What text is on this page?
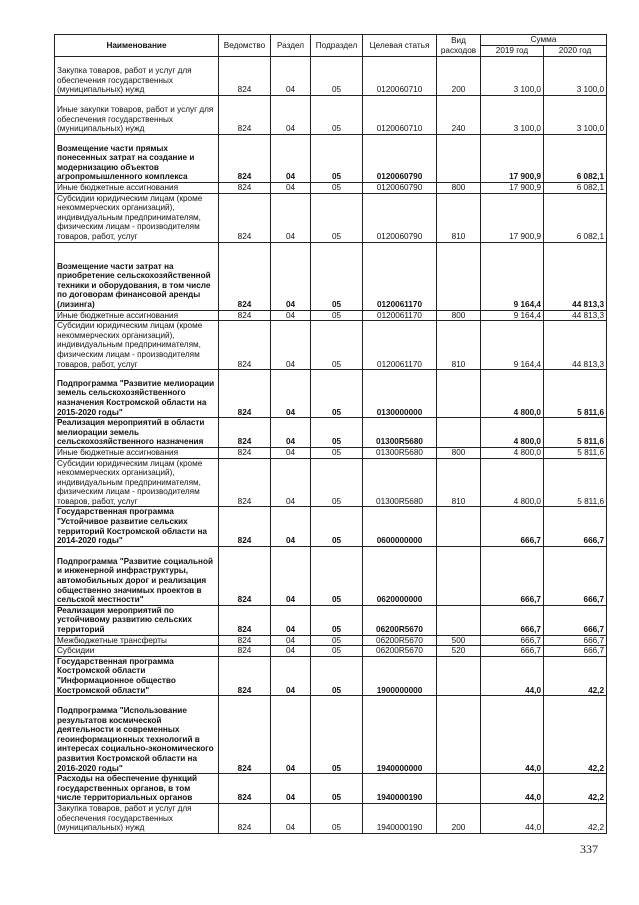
Наименование	Ведомство	Раздел	Подраздел	Целевая статья	Вид расходов	Сумма	
						2019 год	2020 год
Закупка товаров, работ и услуг для обеспечения государственных (муниципальных) нужд	824	04	05	0120060710	200	3 100,0	3 100,0
Иные закупки товаров, работ и услуг для обеспечения государственных (муниципальных) нужд	824	04	05	0120060710	240	3 100,0	3 100,0
Возмещение части прямых понесенных затрат на создание и модернизацию объектов агропромышленного комплекса	824	04	05	0120060790		17 900,9	6 082,1
Иные бюджетные ассигнования	824	04	05	0120060790	800	17 900,9	6 082,1
Субсидии юридическим лицам (кроме некоммерческих организаций), индивидуальным предпринимателям, физическим лицам - производителям товаров, работ, услуг	824	04	05	0120060790	810	17 900,9	6 082,1
Возмещение части затрат на приобретение сельскохозяйственной техники и оборудования, в том числе по договорам финансовой аренды (лизинга)	824	04	05	0120061170		9 164,4	44 813,3
Иные бюджетные ассигнования	824	04	05	0120061170	800	9 164,4	44 813,3
Субсидии юридическим лицам (кроме некоммерческих организаций), индивидуальным предпринимателям, физическим лицам - производителям товаров, работ, услуг	824	04	05	0120061170	810	9 164,4	44 813,3
Подпрограмма "Развитие мелиорации земель сельскохозяйственного назначения Костромской области на 2015-2020 годы"	824	04	05	0130000000		4 800,0	5 811,6
Реализация мероприятий в области мелиорации земель сельскохозяйственного назначения	824	04	05	01300R5680		4 800,0	5 811,6
Иные бюджетные ассигнования	824	04	05	01300R5680	800	4 800,0	5 811,6
Субсидии юридическим лицам (кроме некоммерческих организаций), индивидуальным предпринимателям, физическим лицам - производителям товаров, работ, услуг	824	04	05	01300R5680	810	4 800,0	5 811,6
Государственная программа "Устойчивое развитие сельских территорий Костромской области на 2014-2020 годы"	824	04	05	0600000000		666,7	666,7
Подпрограмма "Развитие социальной и инженерной инфраструктуры, автомобильных дорог и реализация общественно значимых проектов в сельской местности"	824	04	05	0620000000		666,7	666,7
Реализация мероприятий по устойчивому развитию сельских территорий	824	04	05	06200R5670		666,7	666,7
Межбюджетные трансферты	824	04	05	06200R5670	500	666,7	666,7
Субсидии	824	04	05	06200R5670	520	666,7	666,7
Государственная программа Костромской области "Информационное общество Костромской области"	824	04	05	1900000000		44,0	42,2
Подпрограмма "Использование результатов космической деятельности и современных геоинформационных технологий в интересах социально-экономического развития Костромской области на 2016-2020 годы"	824	04	05	1940000000		44,0	42,2
Расходы на обеспечение функций государственных органов, в том числе территориальных органов	824	04	05	1940000190		44,0	42,2
Закупка товаров, работ и услуг для обеспечения государственных (муниципальных) нужд	824	04	05	1940000190	200	44,0	42,2
337
